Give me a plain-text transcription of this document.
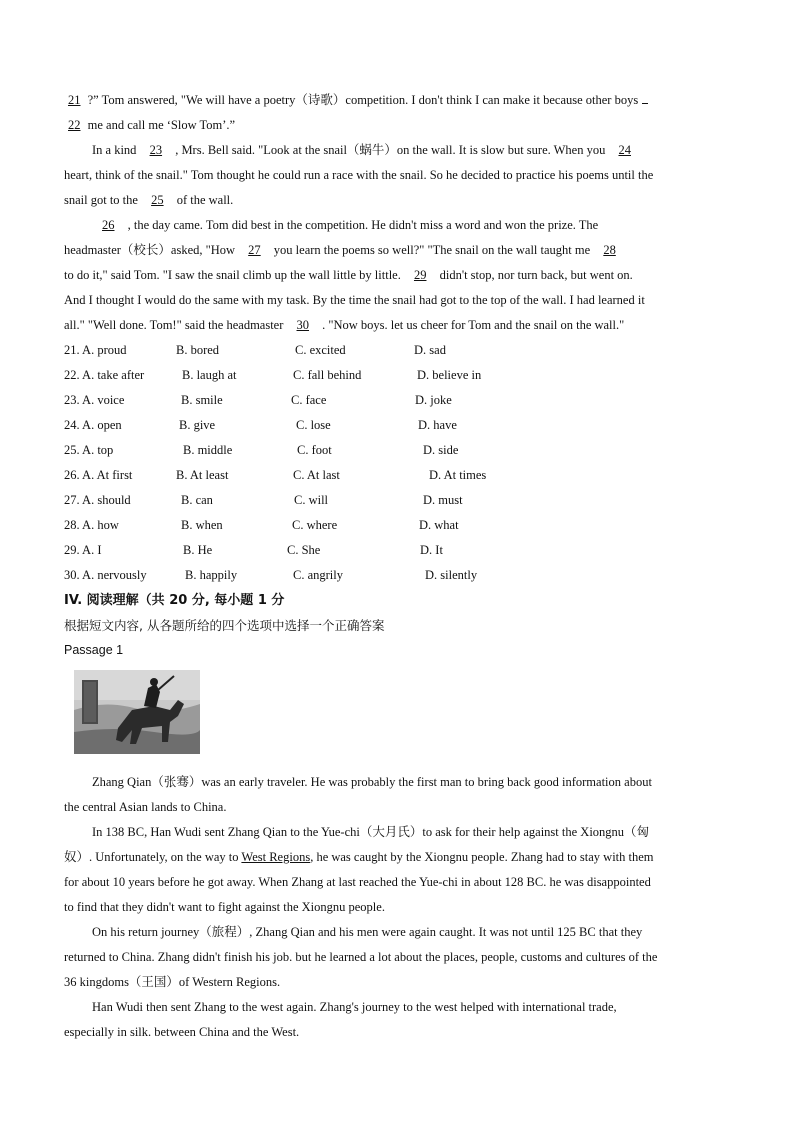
21 ?” Tom answered, "We will have a poetry（诗歌）competition. I don't think I can make it because other boys
22 me and call me ‘Slow Tom’.”
In a kind 23 , Mrs. Bell said. "Look at the snail（蜗牛）on the wall. It is slow but sure. When you 24
heart, think of the snail." Tom thought he could run a race with the snail. So he decided to practice his poems until the
snail got to the 25 of the wall.
26 , the day came. Tom did best in the competition. He didn't miss a word and won the prize. The
headmaster（校长）asked, "How 27 you learn the poems so well?" "The snail on the wall taught me 28
to do it," said Tom. "I saw the snail climb up the wall little by little. 29 didn't stop, nor turn back, but went on.
And I thought I would do the same with my task. By the time the snail had got to the top of the wall. I had learned it
all." "Well done. Tom!" said the headmaster 30 . "Now boys. let us cheer for Tom and the snail on the wall."
21. A. proud	B. bored	C. excited	D. sad
22. A. take after	B. laugh at	C. fall behind	D. believe in
23. A. voice	B. smile	C. face	D. joke
24. A. open	B. give	C. lose	D. have
25. A. top	B. middle	C. foot	D. side
26. A. At first	B. At least	C. At last	D. At times
27. A. should	B. can	C. will	D. must
28. A. how	B. when	C. where	D. what
29. A. I	B. He	C. She	D. It
30. A. nervously	B. happily	C. angrily	D. silently
IV. 阅读理解（共 20 分, 每小题 1 分
根据短文内容, 从各题所给的四个选项中选择一个正确答案
Passage 1
Zhang Qian（张骞）was an early traveler. He was probably the first man to bring back good information about
the central Asian lands to China.
In 138 BC, Han Wudi sent Zhang Qian to the Yue-chi（大月氏）to ask for their help against the Xiongnu（匈
奴）. Unfortunately, on the way to West Regions, he was caught by the Xiongnu people. Zhang had to stay with them
for about 10 years before he got away. When Zhang at last reached the Yue-chi in about 128 BC. he was disappointed
to find that they didn't want to fight against the Xiongnu people.
On his return journey（旅程）, Zhang Qian and his men were again caught. It was not until 125 BC that they
returned to China. Zhang didn't finish his job. but he learned a lot about the places, people, customs and cultures of the
36 kingdoms（王国）of Western Regions.
Han Wudi then sent Zhang to the west again. Zhang's journey to the west helped with international trade,
especially in silk. between China and the West.
